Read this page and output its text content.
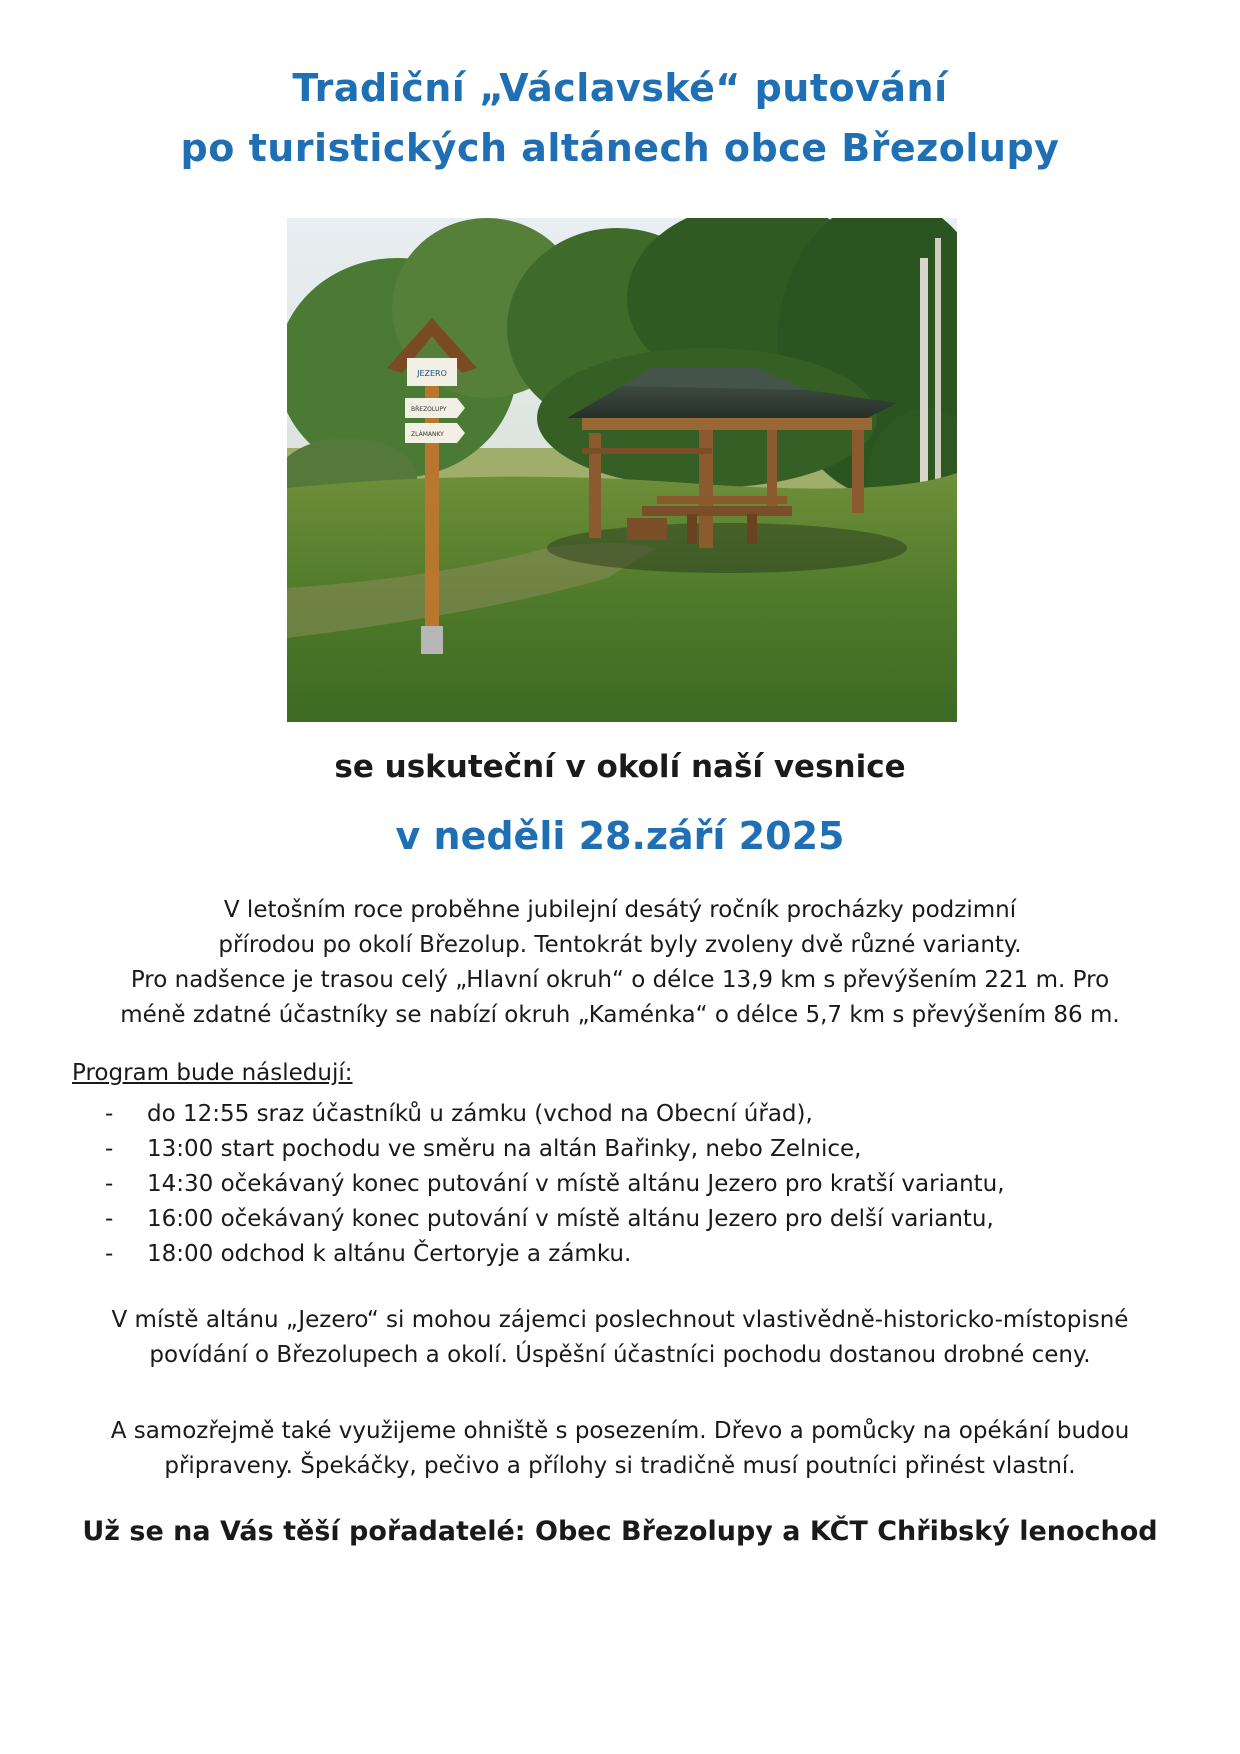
Tradiční „Václavské“ putování
po turistických altánech obce Březolupy
JEZERO
BŘEZOLUPY
ZLÁMANKY
se uskuteční v okolí naší vesnice
v neděli 28.září 2025
V letošním roce proběhne jubilejní desátý ročník procházky podzimní
přírodou po okolí Březolup. Tentokrát byly zvoleny dvě různé varianty.
Pro nadšence je trasou celý „Hlavní okruh“ o délce 13,9 km s převýšením 221 m. Pro
méně zdatné účastníky se nabízí okruh „Kaménka“ o délce 5,7 km s převýšením 86 m.
Program bude následují:
-	do 12:55 sraz účastníků u zámku (vchod na Obecní úřad),
-	13:00 start pochodu ve směru na altán Bařinky, nebo Zelnice,
-	14:30 očekávaný konec putování v místě altánu Jezero pro kratší variantu,
-	16:00 očekávaný konec putování v místě altánu Jezero pro delší variantu,
-	18:00 odchod k altánu Čertoryje a zámku.
V místě altánu „Jezero“ si mohou zájemci poslechnout vlastivědně-historicko-místopisné
povídání o Březolupech a okolí. Úspěšní účastníci pochodu dostanou drobné ceny.
A samozřejmě také využijeme ohniště s posezením. Dřevo a pomůcky na opékání budou
připraveny. Špekáčky, pečivo a přílohy si tradičně musí poutníci přinést vlastní.
Už se na Vás těší pořadatelé: Obec Březolupy a KČT Chřibský lenochod
